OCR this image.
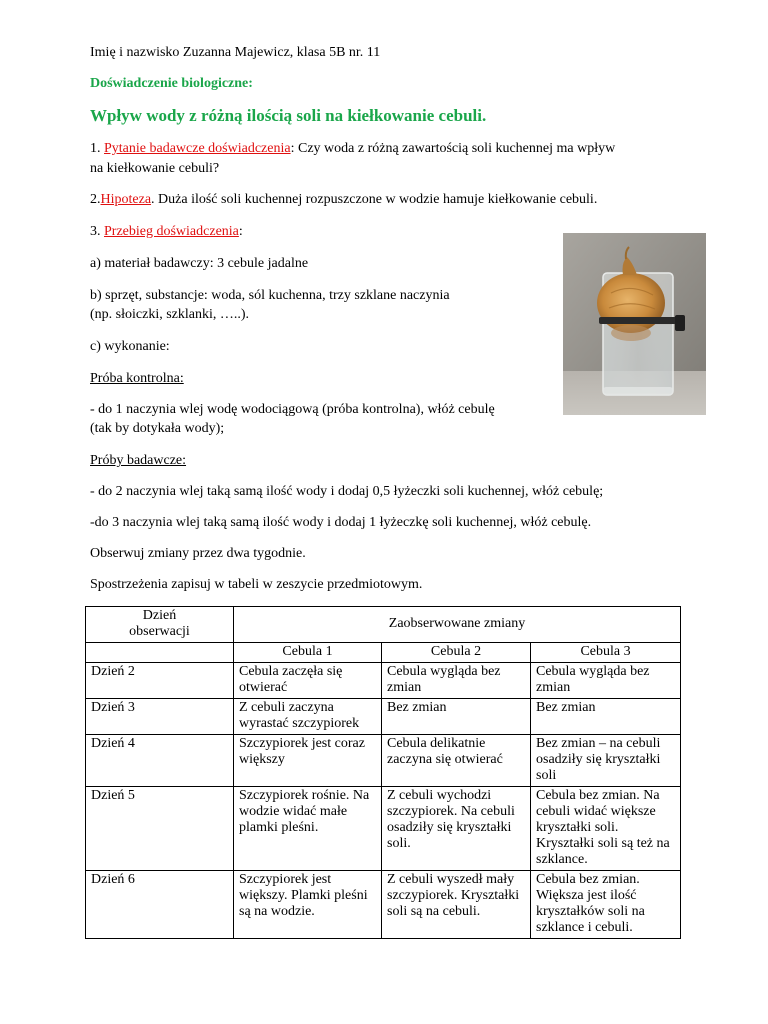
Imię i nazwisko Zuzanna Majewicz, klasa 5B nr. 11
Doświadczenie biologiczne:
Wpływ wody z różną ilością soli na kiełkowanie cebuli.
1. Pytanie badawcze doświadczenia: Czy woda z różną zawartością soli kuchennej ma wpływ
na kiełkowanie cebuli?
2.Hipoteza. Duża ilość soli kuchennej rozpuszczone w wodzie hamuje kiełkowanie cebuli.
3. Przebieg doświadczenia:
a) materiał badawczy: 3 cebule jadalne
b) sprzęt, substancje: woda, sól kuchenna, trzy szklane naczynia
(np. słoiczki, szklanki, …..).
c) wykonanie:
Próba kontrolna:
- do 1 naczynia wlej wodę wodociągową (próba kontrolna), włóż cebulę
(tak by dotykała wody);
Próby badawcze:
- do 2 naczynia wlej taką samą ilość wody i dodaj 0,5 łyżeczki soli kuchennej, włóż cebulę;
-do 3 naczynia wlej taką samą ilość wody i dodaj 1 łyżeczkę soli kuchennej, włóż cebulę.
Obserwuj zmiany przez dwa tygodnie.
Spostrzeżenia zapisuj w tabeli w zeszycie przedmiotowym.
Dzień
obserwacji	Zaobserwowane zmiany		
	Cebula 1	Cebula 2	Cebula 3
Dzień 2	Cebula zaczęła się otwierać	Cebula wygląda bez zmian	Cebula wygląda bez zmian
Dzień 3	Z cebuli zaczyna wyrastać szczypiorek	Bez zmian	Bez zmian
Dzień 4	Szczypiorek jest coraz większy	Cebula delikatnie zaczyna się otwierać	Bez zmian – na cebuli osadziły się kryształki soli
Dzień 5	Szczypiorek rośnie. Na wodzie widać małe plamki pleśni.	Z cebuli wychodzi szczypiorek. Na cebuli osadziły się kryształki soli.	Cebula bez zmian. Na cebuli widać większe kryształki soli. Kryształki soli są też na szklance.
Dzień 6	Szczypiorek jest większy. Plamki pleśni są na wodzie.	Z cebuli wyszedł mały szczypiorek. Kryształki soli są na cebuli.	Cebula bez zmian. Większa jest ilość kryształków soli na szklance i cebuli.
